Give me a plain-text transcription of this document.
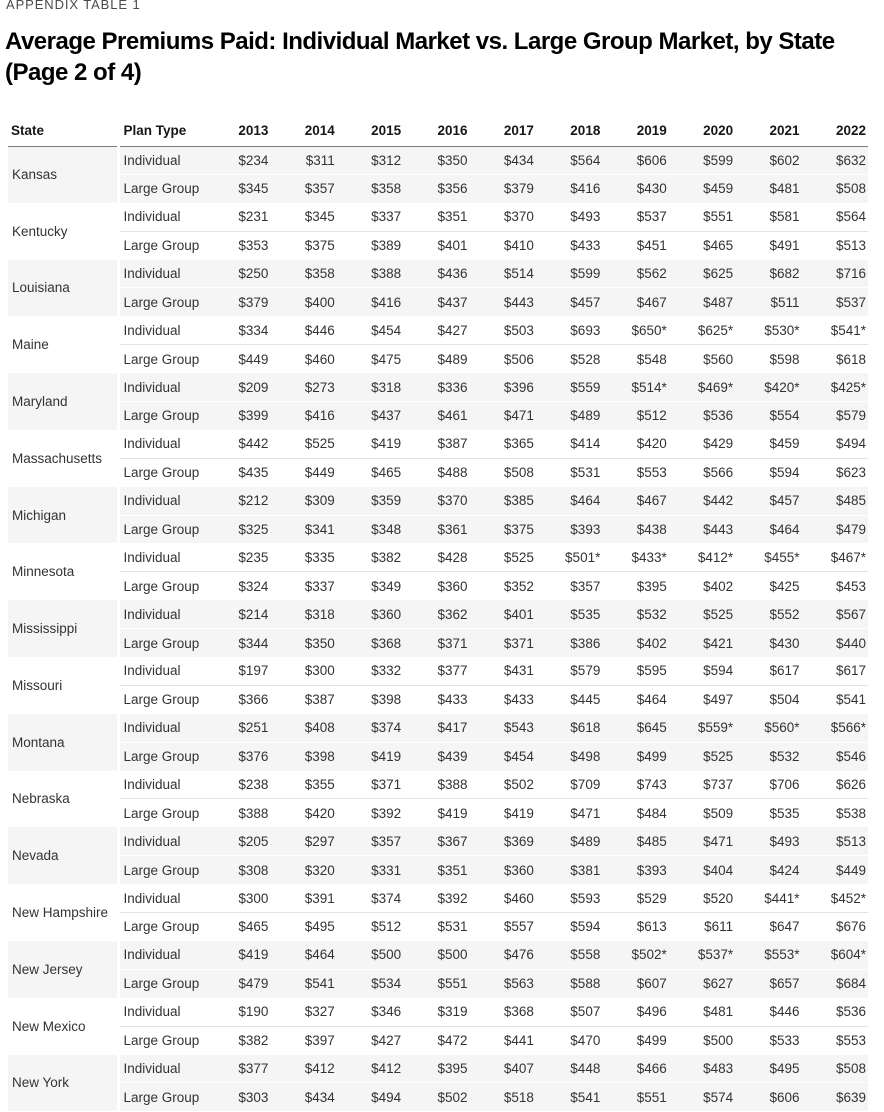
APPENDIX TABLE 1
Average Premiums Paid: Individual Market vs. Large Group Market, by State
(Page 2 of 4)
State	Plan Type	2013	2014	2015	2016	2017	2018	2019	2020	2021	2022
Kansas	Individual	$234	$311	$312	$350	$434	$564	$606	$599	$602	$632
	Large Group	$345	$357	$358	$356	$379	$416	$430	$459	$481	$508
Kentucky	Individual	$231	$345	$337	$351	$370	$493	$537	$551	$581	$564
	Large Group	$353	$375	$389	$401	$410	$433	$451	$465	$491	$513
Louisiana	Individual	$250	$358	$388	$436	$514	$599	$562	$625	$682	$716
	Large Group	$379	$400	$416	$437	$443	$457	$467	$487	$511	$537
Maine	Individual	$334	$446	$454	$427	$503	$693	$650*	$625*	$530*	$541*
	Large Group	$449	$460	$475	$489	$506	$528	$548	$560	$598	$618
Maryland	Individual	$209	$273	$318	$336	$396	$559	$514*	$469*	$420*	$425*
	Large Group	$399	$416	$437	$461	$471	$489	$512	$536	$554	$579
Massachusetts	Individual	$442	$525	$419	$387	$365	$414	$420	$429	$459	$494
	Large Group	$435	$449	$465	$488	$508	$531	$553	$566	$594	$623
Michigan	Individual	$212	$309	$359	$370	$385	$464	$467	$442	$457	$485
	Large Group	$325	$341	$348	$361	$375	$393	$438	$443	$464	$479
Minnesota	Individual	$235	$335	$382	$428	$525	$501*	$433*	$412*	$455*	$467*
	Large Group	$324	$337	$349	$360	$352	$357	$395	$402	$425	$453
Mississippi	Individual	$214	$318	$360	$362	$401	$535	$532	$525	$552	$567
	Large Group	$344	$350	$368	$371	$371	$386	$402	$421	$430	$440
Missouri	Individual	$197	$300	$332	$377	$431	$579	$595	$594	$617	$617
	Large Group	$366	$387	$398	$433	$433	$445	$464	$497	$504	$541
Montana	Individual	$251	$408	$374	$417	$543	$618	$645	$559*	$560*	$566*
	Large Group	$376	$398	$419	$439	$454	$498	$499	$525	$532	$546
Nebraska	Individual	$238	$355	$371	$388	$502	$709	$743	$737	$706	$626
	Large Group	$388	$420	$392	$419	$419	$471	$484	$509	$535	$538
Nevada	Individual	$205	$297	$357	$367	$369	$489	$485	$471	$493	$513
	Large Group	$308	$320	$331	$351	$360	$381	$393	$404	$424	$449
New Hampshire	Individual	$300	$391	$374	$392	$460	$593	$529	$520	$441*	$452*
	Large Group	$465	$495	$512	$531	$557	$594	$613	$611	$647	$676
New Jersey	Individual	$419	$464	$500	$500	$476	$558	$502*	$537*	$553*	$604*
	Large Group	$479	$541	$534	$551	$563	$588	$607	$627	$657	$684
New Mexico	Individual	$190	$327	$346	$319	$368	$507	$496	$481	$446	$536
	Large Group	$382	$397	$427	$472	$441	$470	$499	$500	$533	$553
New York	Individual	$377	$412	$412	$395	$407	$448	$466	$483	$495	$508
	Large Group	$303	$434	$494	$502	$518	$541	$551	$574	$606	$639
